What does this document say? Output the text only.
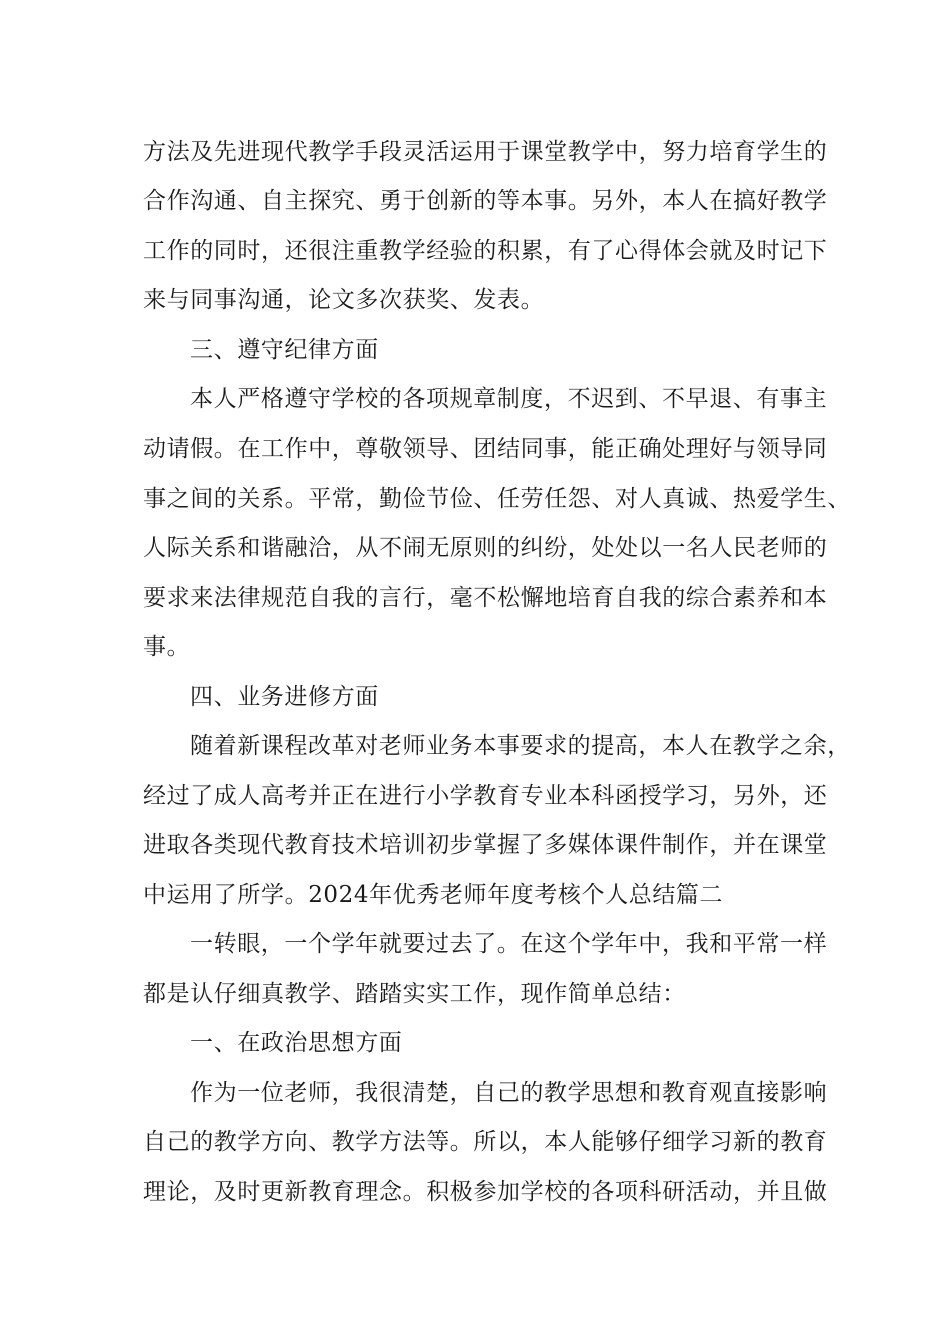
方法及先进现代教学手段灵活运用于课堂教学中，努力培育学生的
合作沟通、自主探究、勇于创新的等本事。另外，本人在搞好教学
工作的同时，还很注重教学经验的积累，有了心得体会就及时记下
来与同事沟通，论文多次获奖、发表。
三、遵守纪律方面
本人严格遵守学校的各项规章制度，不迟到、不早退、有事主
动请假。在工作中，尊敬领导、团结同事，能正确处理好与领导同
事之间的关系。平常，勤俭节俭、任劳任怨、对人真诚、热爱学生、
人际关系和谐融洽，从不闹无原则的纠纷，处处以一名人民老师的
要求来法律规范自我的言行，毫不松懈地培育自我的综合素养和本
事。
四、业务进修方面
随着新课程改革对老师业务本事要求的提高，本人在教学之余，
经过了成人高考并正在进行小学教育专业本科函授学习，另外，还
进取各类现代教育技术培训初步掌握了多媒体课件制作，并在课堂
中运用了所学。2024年优秀老师年度考核个人总结篇二
一转眼，一个学年就要过去了。在这个学年中，我和平常一样
都是认仔细真教学、踏踏实实工作，现作简单总结：
一、在政治思想方面
作为一位老师，我很清楚，自己的教学思想和教育观直接影响
自己的教学方向、教学方法等。所以，本人能够仔细学习新的教育
理论，及时更新教育理念。积极参加学校的各项科研活动，并且做
